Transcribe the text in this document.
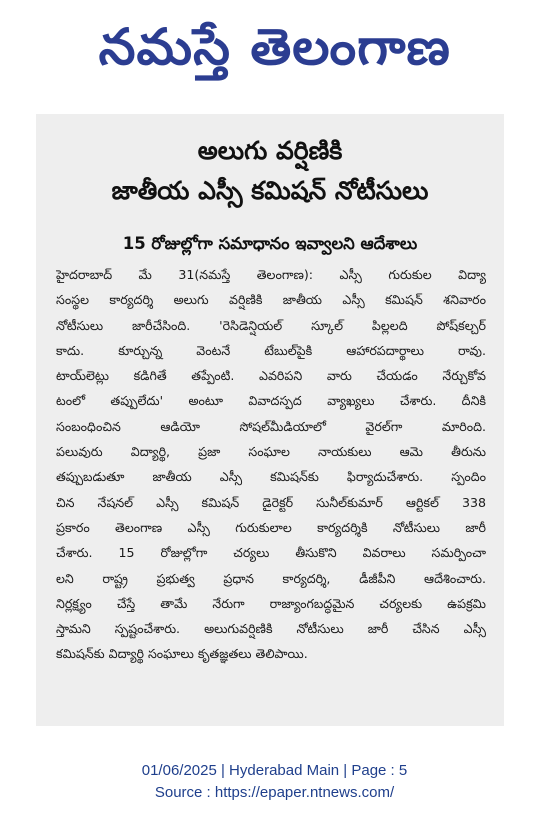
నమస్తే తెలంగాణ
అలుగు వర్షిణికి
జాతీయ ఎస్సీ కమిషన్ నోటీసులు
15 రోజుల్లోగా సమాధానం ఇవ్వాలని ఆదేశాలు
హైదరాబాద్ మే 31(నమస్తే తెలంగాణ): ఎస్సీ గురుకుల విద్యా
సంస్థల కార్యదర్శి అలుగు వర్షిణికి జాతీయ ఎస్సీ కమిషన్ శనివారం
నోటీసులు జారీచేసింది. 'రెసిడెన్షియల్ స్కూల్ పిల్లలది పోష్‌కల్చర్
కాదు. కూర్చున్న వెంటనే టేబుల్‌పైకి ఆహారపదార్థాలు రావు.
టాయ్‌లెట్లు కడిగితే తప్పేంటి. ఎవరిపని వారు చేయడం నేర్చుకోవ
టంలో తప్పులేదు' అంటూ వివాదస్పద వ్యాఖ్యలు చేశారు. దీనికి
సంబంధించిన ఆడియో సోషల్‌మీడియాలో వైరల్‌గా మారింది.
పలువురు విద్యార్థి, ప్రజా సంఘాల నాయకులు ఆమె తీరును
తప్పుబడుతూ జాతీయ ఎస్సీ కమిషన్‌కు ఫిర్యాదుచేశారు. స్పందిం
చిన నేషనల్ ఎస్సీ కమిషన్ డైరెక్టర్ సునీల్‌కుమార్ ఆర్టికల్ 338
ప్రకారం తెలంగాణ ఎస్సీ గురుకులాల కార్యదర్శికి నోటీసులు జారీ
చేశారు. 15 రోజుల్లోగా చర్యలు తీసుకొని వివరాలు సమర్పించా
లని రాష్ట్ర ప్రభుత్వ ప్రధాన కార్యదర్శి, డీజీపీని ఆదేశించారు.
నిర్లక్ష్యం చేస్తే తామే నేరుగా రాజ్యాంగబద్ధమైన చర్యలకు ఉపక్రమి
స్తామని స్పష్టంచేశారు. అలుగువర్షిణికి నోటీసులు జారీ చేసిన ఎస్సీ
కమిషన్‌కు విద్యార్థి సంఘాలు కృతజ్ఞతలు తెలిపాయి.
01/06/2025 | Hyderabad Main | Page : 5
Source : https://epaper.ntnews.com/
